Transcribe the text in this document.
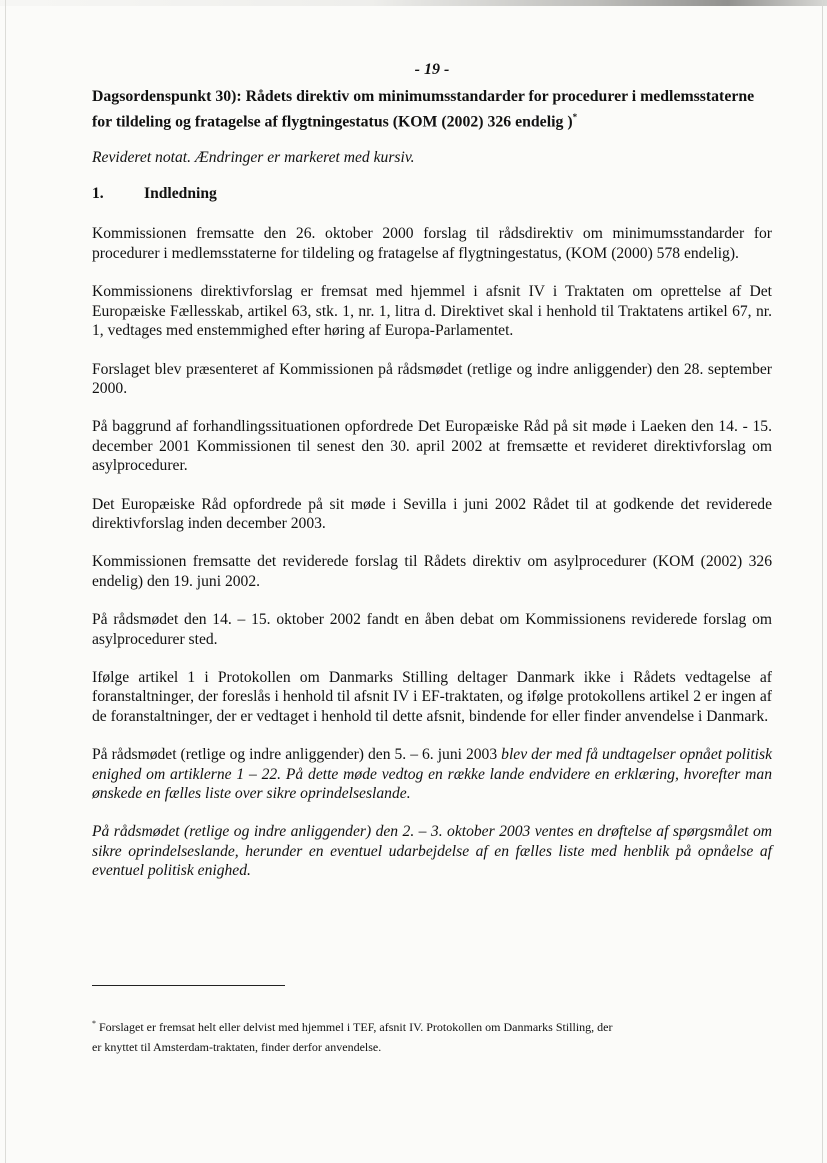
- 19 -
Dagsordenspunkt 30): Rådets direktiv om minimumsstandarder for procedurer i medlemsstaterne for tildeling og fratagelse af flygtningestatus (KOM (2002) 326 endelig )*
Revideret notat. Ændringer er markeret med kursiv.
1.	Indledning

Kommissionen fremsatte den 26. oktober 2000 forslag til rådsdirektiv om minimumsstandarder for procedurer i medlemsstaterne for tildeling og fratagelse af flygtningestatus, (KOM (2000) 578 endelig).

Kommissionens direktivforslag er fremsat med hjemmel i afsnit IV i Traktaten om oprettelse af Det Europæiske Fællesskab, artikel 63, stk. 1, nr. 1, litra d. Direktivet skal i henhold til Traktatens artikel 67, nr. 1, vedtages med enstemmighed efter høring af Europa-Parlamentet.

Forslaget blev præsenteret af Kommissionen på rådsmødet (retlige og indre anliggender) den 28. september 2000.

På baggrund af forhandlingssituationen opfordrede Det Europæiske Råd på sit møde i Laeken den 14. - 15. december 2001 Kommissionen til senest den 30. april 2002 at fremsætte et revideret direktivforslag om asylprocedurer.

Det Europæiske Råd opfordrede på sit møde i Sevilla i juni 2002 Rådet til at godkende det reviderede direktivforslag inden december 2003.

Kommissionen fremsatte det reviderede forslag til Rådets direktiv om asylprocedurer (KOM (2002) 326 endelig) den 19. juni 2002.

På rådsmødet den 14. – 15. oktober 2002 fandt en åben debat om Kommissionens reviderede forslag om asylprocedurer sted.

Ifølge artikel 1 i Protokollen om Danmarks Stilling deltager Danmark ikke i Rådets vedtagelse af foranstaltninger, der foreslås i henhold til afsnit IV i EF-traktaten, og ifølge protokollens artikel 2 er ingen af de foranstaltninger, der er vedtaget i henhold til dette afsnit, bindende for eller finder anvendelse i Danmark.

På rådsmødet (retlige og indre anliggender) den 5. – 6. juni 2003 blev der med få undtagelser opnået politisk enighed om artiklerne 1 – 22. På dette møde vedtog en række lande endvidere en erklæring, hvorefter man ønskede en fælles liste over sikre oprindelseslande.

På rådsmødet (retlige og indre anliggender) den 2. – 3. oktober 2003 ventes en drøftelse af spørgsmålet om sikre oprindelseslande, herunder en eventuel udarbejdelse af en fælles liste med henblik på opnåelse af eventuel politisk enighed.

* Forslaget er fremsat helt eller delvist med hjemmel i TEF, afsnit IV. Protokollen om Danmarks Stilling, der
er knyttet til Amsterdam-traktaten, finder derfor anvendelse.
